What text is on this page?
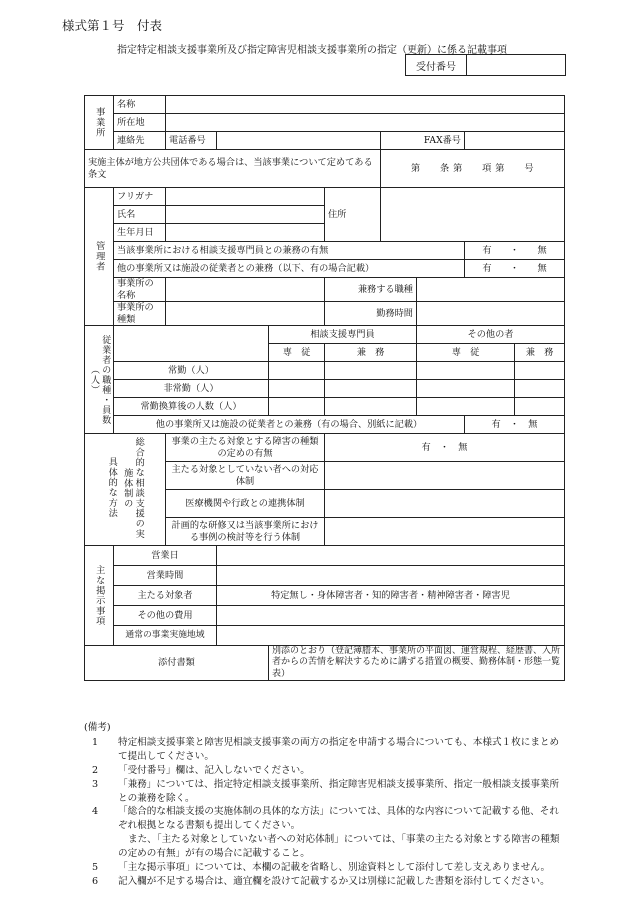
様式第１号　付表
指定特定相談支援事業所及び指定障害児相談支援事業所の指定（更新）に係る記載事項
受付番号	
事業所	名称								
	所在地								
	連絡先	電話番号				FAX番号			
実施主体が地方公共団体である場合は、当該事業について定めてある条文						第　　条 第　　項 第　　号			
管理者	フリガナ				住所				
	氏名								
	生年月日								
	当該事業所における相談支援専門員との兼務の有無							有　　・　　無	
	他の事業所又は施設の従業者との兼務（以下、有の場合記載）							有　　・　　無	
	事業所の名称				兼務する職種				
	事業所の種類				勤務時間				
従業者の職種・員数（人）				相談支援専門員			その他の者		
				専　従	兼　務		専　従		兼　務
	常勤（人）								
	非常勤（人）								
	常勤換算後の人数（人）								
	他の事業所又は施設の従業者との兼務（有の場合、別紙に記載）							有　・　無	

具体的な方法 総合的な相談支援の実施体制の		事業の主たる対象とする障害の種類の定めの有無			有　・　無				
		主たる対象としていない者への対応体制							
		医療機関や行政との連携体制							
		計画的な研修又は当該事業所における事例の検討等を行う体制							
主な掲示事項	営業日								
	営業時間								
	主たる対象者		特定無し・身体障害者・知的障害者・精神障害者・障害児						
	その他の費用								
	通常の事業実施地域								
添付書類				別添のとおり（登記簿謄本、事業所の平面図、運営規程、経歴書、入所者からの苦情を解決するために講ずる措置の概要、勤務体制・形態一覧表）					
(備考)
1 特定相談支援事業と障害児相談支援事業の両方の指定を申請する場合についても、本様式１枚にまとめて提出してください。
2 「受付番号」欄は、記入しないでください。
3 「兼務」については、指定特定相談支援事業所、指定障害児相談支援事業所、指定一般相談支援事業所との兼務を除く。
4 「総合的な相談支援の実施体制の具体的な方法」については、具体的な内容について記載する他、それぞれ根拠となる書類も提出してください。
また、「主たる対象としていない者への対応体制」については、「事業の主たる対象とする障害の種類の定めの有無」が有の場合に記載すること。
5 「主な掲示事項」については、本欄の記載を省略し、別途資料として添付して差し支えありません。
6 記入欄が不足する場合は、適宜欄を設けて記載するか又は別様に記載した書類を添付してください。
